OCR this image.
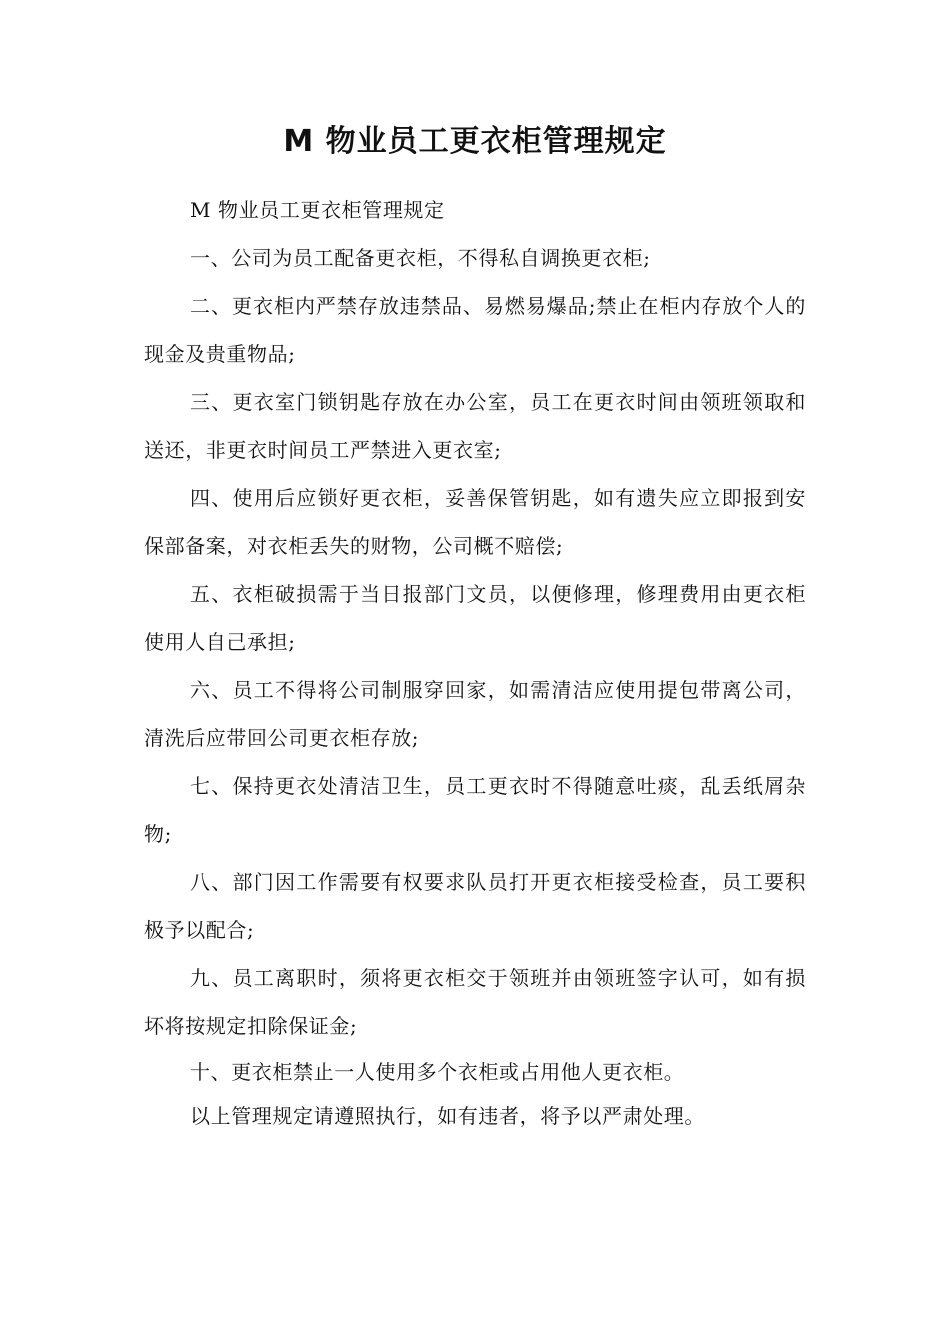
M 物业员工更衣柜管理规定

M 物业员工更衣柜管理规定

一、公司为员工配备更衣柜，不得私自调换更衣柜;

二、更衣柜内严禁存放违禁品、易燃易爆品;禁止在柜内存放个人的现金及贵重物品;

三、更衣室门锁钥匙存放在办公室，员工在更衣时间由领班领取和送还，非更衣时间员工严禁进入更衣室;

四、使用后应锁好更衣柜，妥善保管钥匙，如有遗失应立即报到安保部备案，对衣柜丢失的财物，公司概不赔偿;

五、衣柜破损需于当日报部门文员，以便修理，修理费用由更衣柜使用人自己承担;

六、员工不得将公司制服穿回家，如需清洁应使用提包带离公司，清洗后应带回公司更衣柜存放;

七、保持更衣处清洁卫生，员工更衣时不得随意吐痰，乱丢纸屑杂物;

八、部门因工作需要有权要求队员打开更衣柜接受检查，员工要积极予以配合;

九、员工离职时，须将更衣柜交于领班并由领班签字认可，如有损坏将按规定扣除保证金;

十、更衣柜禁止一人使用多个衣柜或占用他人更衣柜。

以上管理规定请遵照执行，如有违者，将予以严肃处理。
